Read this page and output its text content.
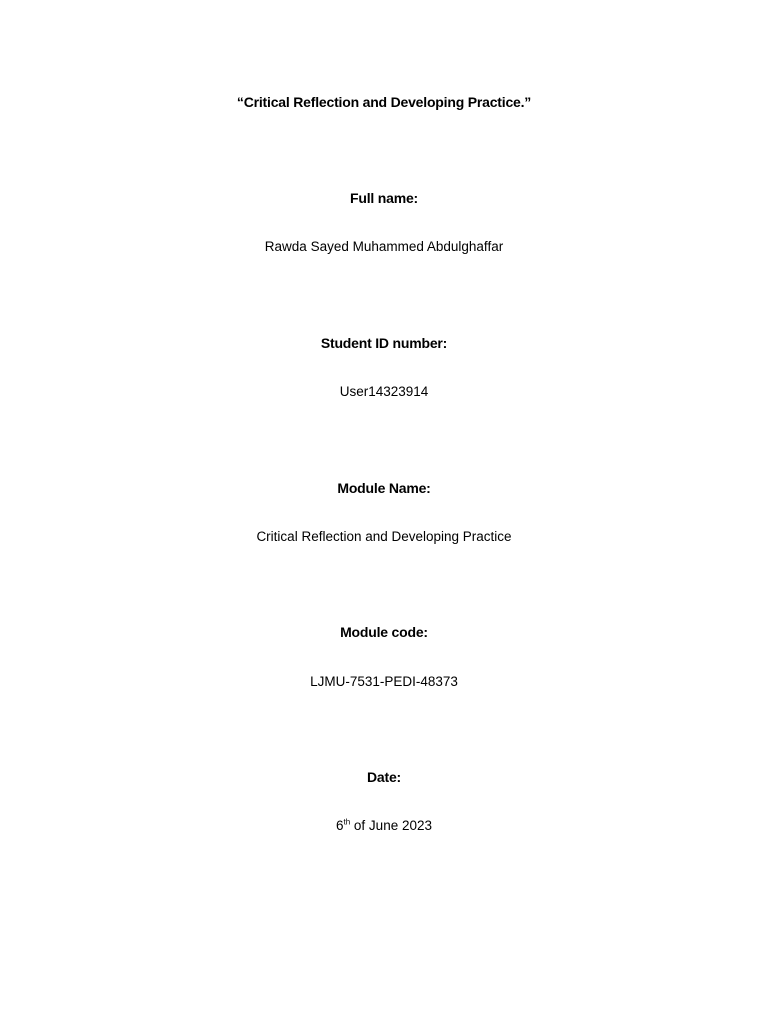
“Critical Reflection and Developing Practice.”
Full name:
Rawda Sayed Muhammed Abdulghaffar
Student ID number:
User14323914
Module Name:
Critical Reflection and Developing Practice
Module code:
LJMU-7531-PEDI-48373
Date:
6th of June 2023
